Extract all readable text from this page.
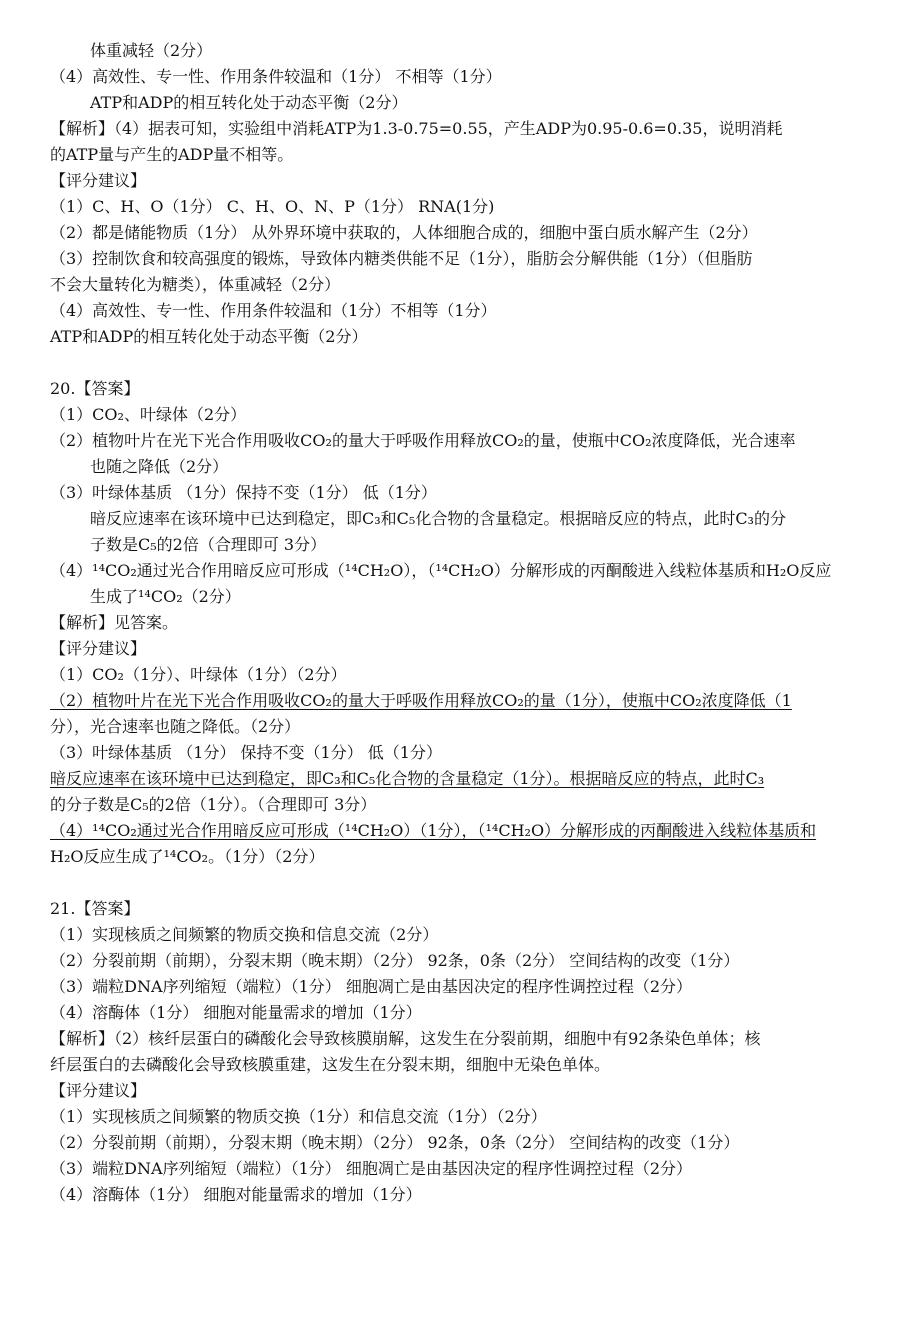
体重减轻（2分）
（4）高效性、专一性、作用条件较温和（1分） 不相等（1分）
ATP和ADP的相互转化处于动态平衡（2分）
【解析】（4）据表可知，实验组中消耗ATP为1.3-0.75=0.55，产生ADP为0.95-0.6=0.35，说明消耗
的ATP量与产生的ADP量不相等。
【评分建议】
（1）C、H、O（1分） C、H、O、N、P（1分） RNA(1分)
（2）都是储能物质（1分） 从外界环境中获取的，人体细胞合成的，细胞中蛋白质水解产生（2分）
（3）控制饮食和较高强度的锻炼，导致体内糖类供能不足（1分），脂肪会分解供能（1分）（但脂肪
不会大量转化为糖类），体重减轻（2分）
（4）高效性、专一性、作用条件较温和（1分）不相等（1分）
ATP和ADP的相互转化处于动态平衡（2分）
20.【答案】
（1）CO₂、叶绿体（2分）
（2）植物叶片在光下光合作用吸收CO₂的量大于呼吸作用释放CO₂的量，使瓶中CO₂浓度降低，光合速率
也随之降低（2分）
（3）叶绿体基质 （1分）保持不变（1分） 低（1分）
暗反应速率在该环境中已达到稳定，即C₃和C₅化合物的含量稳定。根据暗反应的特点，此时C₃的分
子数是C₅的2倍（合理即可 3分）
（4）¹⁴CO₂通过光合作用暗反应可形成（¹⁴CH₂O），（¹⁴CH₂O）分解形成的丙酮酸进入线粒体基质和H₂O反应
生成了¹⁴CO₂（2分）
【解析】见答案。
【评分建议】
（1）CO₂（1分）、叶绿体（1分）（2分）
（2）植物叶片在光下光合作用吸收CO₂的量大于呼吸作用释放CO₂的量（1分），使瓶中CO₂浓度降低（1
分），光合速率也随之降低。（2分）
（3）叶绿体基质 （1分） 保持不变（1分） 低（1分）
暗反应速率在该环境中已达到稳定，即C₃和C₅化合物的含量稳定（1分）。根据暗反应的特点，此时C₃
的分子数是C₅的2倍（1分）。（合理即可 3分）
（4）¹⁴CO₂通过光合作用暗反应可形成（¹⁴CH₂O）（1分），（¹⁴CH₂O）分解形成的丙酮酸进入线粒体基质和
H₂O反应生成了¹⁴CO₂。（1分）（2分）
21.【答案】
（1）实现核质之间频繁的物质交换和信息交流（2分）
（2）分裂前期（前期），分裂末期（晚末期）（2分） 92条，0条（2分） 空间结构的改变（1分）
（3）端粒DNA序列缩短（端粒）（1分） 细胞凋亡是由基因决定的程序性调控过程（2分）
（4）溶酶体（1分） 细胞对能量需求的增加（1分）
【解析】（2）核纤层蛋白的磷酸化会导致核膜崩解，这发生在分裂前期，细胞中有92条染色单体；核
纤层蛋白的去磷酸化会导致核膜重建，这发生在分裂末期，细胞中无染色单体。
【评分建议】
（1）实现核质之间频繁的物质交换（1分）和信息交流（1分）（2分）
（2）分裂前期（前期），分裂末期（晚末期）（2分） 92条，0条（2分） 空间结构的改变（1分）
（3）端粒DNA序列缩短（端粒）（1分） 细胞凋亡是由基因决定的程序性调控过程（2分）
（4）溶酶体（1分） 细胞对能量需求的增加（1分）
